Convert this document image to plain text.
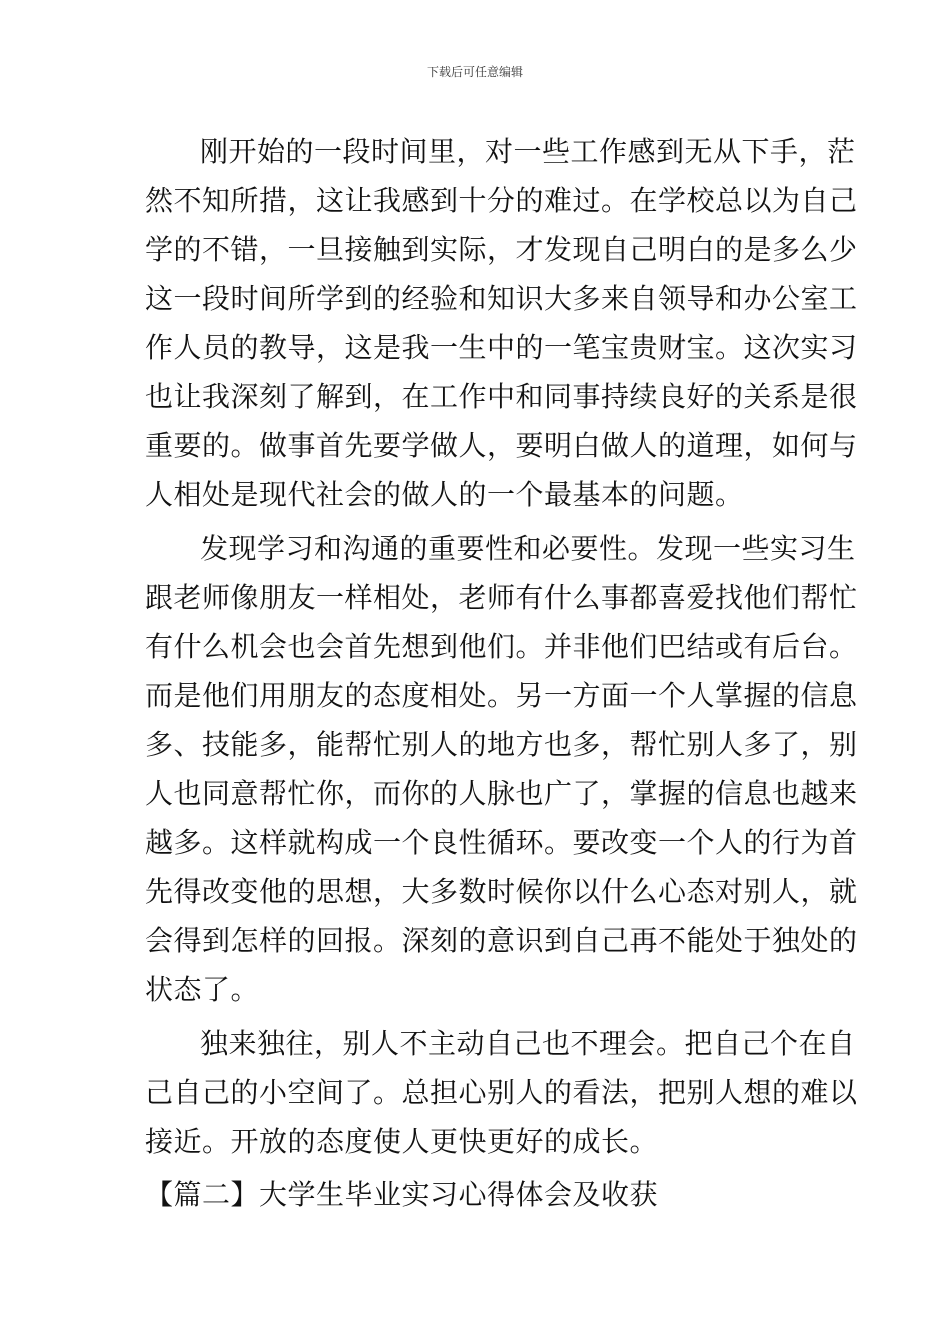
下载后可任意编辑
刚开始的一段时间里，对一些工作感到无从下手，茫
然不知所措，这让我感到十分的难过。在学校总以为自己
学的不错，一旦接触到实际，才发现自己明白的是多么少
这一段时间所学到的经验和知识大多来自领导和办公室工
作人员的教导，这是我一生中的一笔宝贵财宝。这次实习
也让我深刻了解到，在工作中和同事持续良好的关系是很
重要的。做事首先要学做人，要明白做人的道理，如何与
人相处是现代社会的做人的一个最基本的问题。
发现学习和沟通的重要性和必要性。发现一些实习生
跟老师像朋友一样相处，老师有什么事都喜爱找他们帮忙
有什么机会也会首先想到他们。并非他们巴结或有后台。
而是他们用朋友的态度相处。另一方面一个人掌握的信息
多、技能多，能帮忙别人的地方也多，帮忙别人多了，别
人也同意帮忙你，而你的人脉也广了，掌握的信息也越来
越多。这样就构成一个良性循环。要改变一个人的行为首
先得改变他的思想，大多数时候你以什么心态对别人，就
会得到怎样的回报。深刻的意识到自己再不能处于独处的
状态了。
独来独往，别人不主动自己也不理会。把自己个在自
己自己的小空间了。总担心别人的看法，把别人想的难以
接近。开放的态度使人更快更好的成长。
【篇二】大学生毕业实习心得体会及收获
